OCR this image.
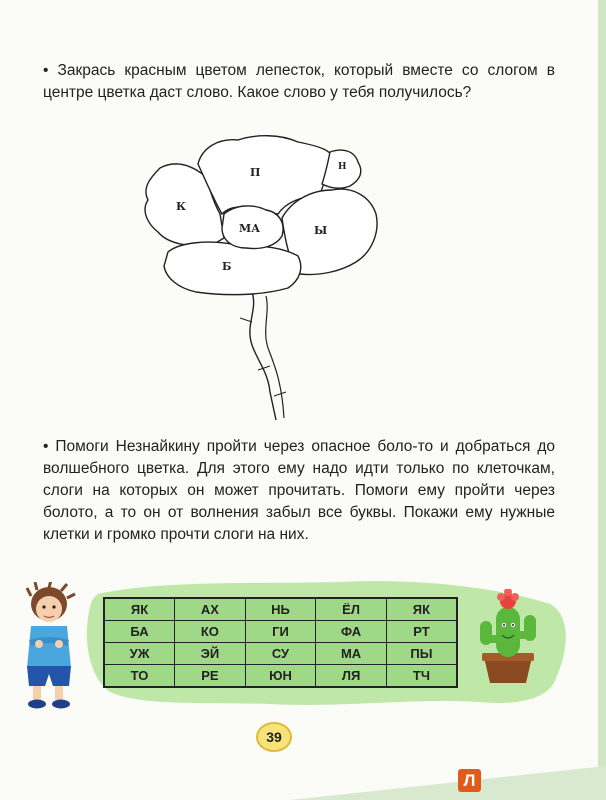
• Закрась красным цветом лепесток, который вместе со слогом в центре цветка даст слово. Какое слово у тебя получилось?

МА
П	Н
К
Ы
Б

• Помоги Незнайкину пройти через опасное боло-то и добраться до волшебного цветка. Для этого ему надо идти только по клеточкам, слоги на которых он может прочитать. Помоги ему пройти через болото, а то он от волнения забыл все буквы. Покажи ему нужные клетки и громко прочти слоги на них.

ЯК	АХ	НЬ	ЁЛ	ЯК
БА	КО	ГИ	ФА	РТ
УЖ	ЭЙ	СУ	МА	ПЫ
ТО	РЕ	ЮН	ЛЯ	ТЧ
39
Л
